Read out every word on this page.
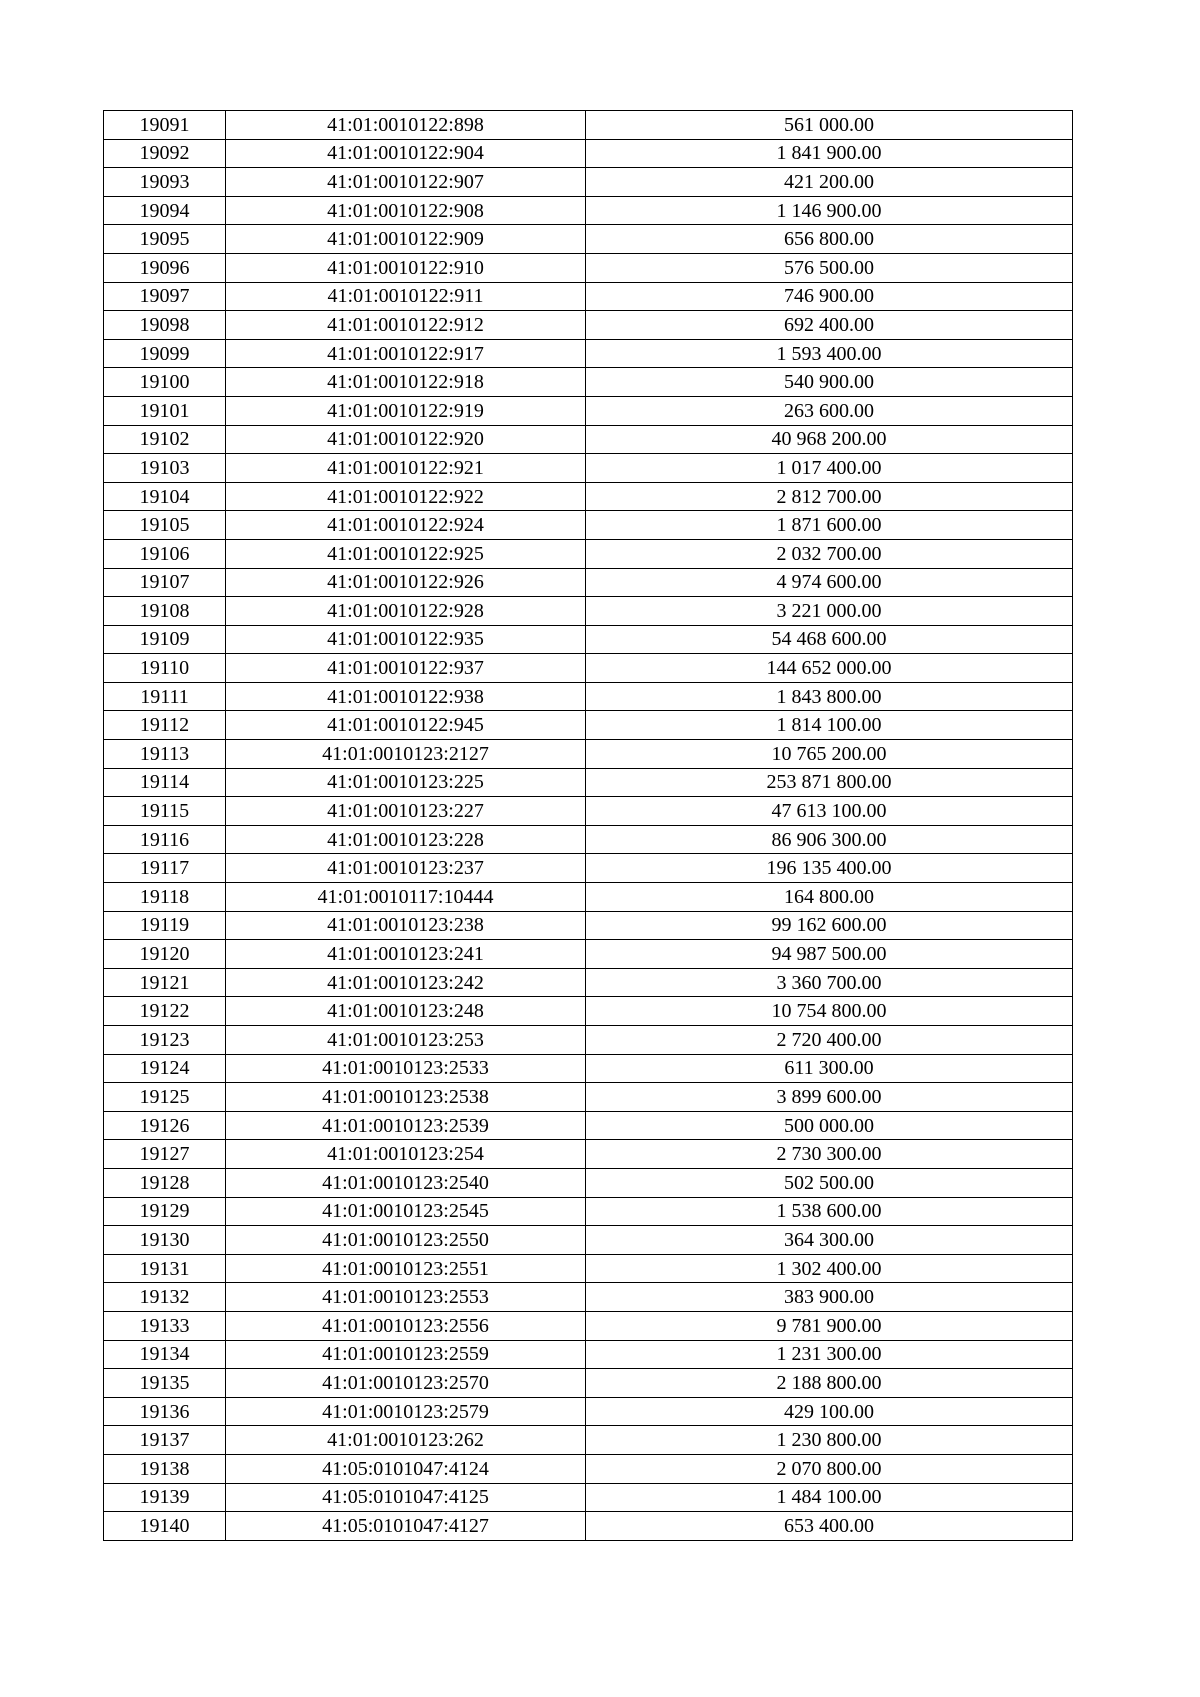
19091	41:01:0010122:898	561 000.00
19092	41:01:0010122:904	1 841 900.00
19093	41:01:0010122:907	421 200.00
19094	41:01:0010122:908	1 146 900.00
19095	41:01:0010122:909	656 800.00
19096	41:01:0010122:910	576 500.00
19097	41:01:0010122:911	746 900.00
19098	41:01:0010122:912	692 400.00
19099	41:01:0010122:917	1 593 400.00
19100	41:01:0010122:918	540 900.00
19101	41:01:0010122:919	263 600.00
19102	41:01:0010122:920	40 968 200.00
19103	41:01:0010122:921	1 017 400.00
19104	41:01:0010122:922	2 812 700.00
19105	41:01:0010122:924	1 871 600.00
19106	41:01:0010122:925	2 032 700.00
19107	41:01:0010122:926	4 974 600.00
19108	41:01:0010122:928	3 221 000.00
19109	41:01:0010122:935	54 468 600.00
19110	41:01:0010122:937	144 652 000.00
19111	41:01:0010122:938	1 843 800.00
19112	41:01:0010122:945	1 814 100.00
19113	41:01:0010123:2127	10 765 200.00
19114	41:01:0010123:225	253 871 800.00
19115	41:01:0010123:227	47 613 100.00
19116	41:01:0010123:228	86 906 300.00
19117	41:01:0010123:237	196 135 400.00
19118	41:01:0010117:10444	164 800.00
19119	41:01:0010123:238	99 162 600.00
19120	41:01:0010123:241	94 987 500.00
19121	41:01:0010123:242	3 360 700.00
19122	41:01:0010123:248	10 754 800.00
19123	41:01:0010123:253	2 720 400.00
19124	41:01:0010123:2533	611 300.00
19125	41:01:0010123:2538	3 899 600.00
19126	41:01:0010123:2539	500 000.00
19127	41:01:0010123:254	2 730 300.00
19128	41:01:0010123:2540	502 500.00
19129	41:01:0010123:2545	1 538 600.00
19130	41:01:0010123:2550	364 300.00
19131	41:01:0010123:2551	1 302 400.00
19132	41:01:0010123:2553	383 900.00
19133	41:01:0010123:2556	9 781 900.00
19134	41:01:0010123:2559	1 231 300.00
19135	41:01:0010123:2570	2 188 800.00
19136	41:01:0010123:2579	429 100.00
19137	41:01:0010123:262	1 230 800.00
19138	41:05:0101047:4124	2 070 800.00
19139	41:05:0101047:4125	1 484 100.00
19140	41:05:0101047:4127	653 400.00
